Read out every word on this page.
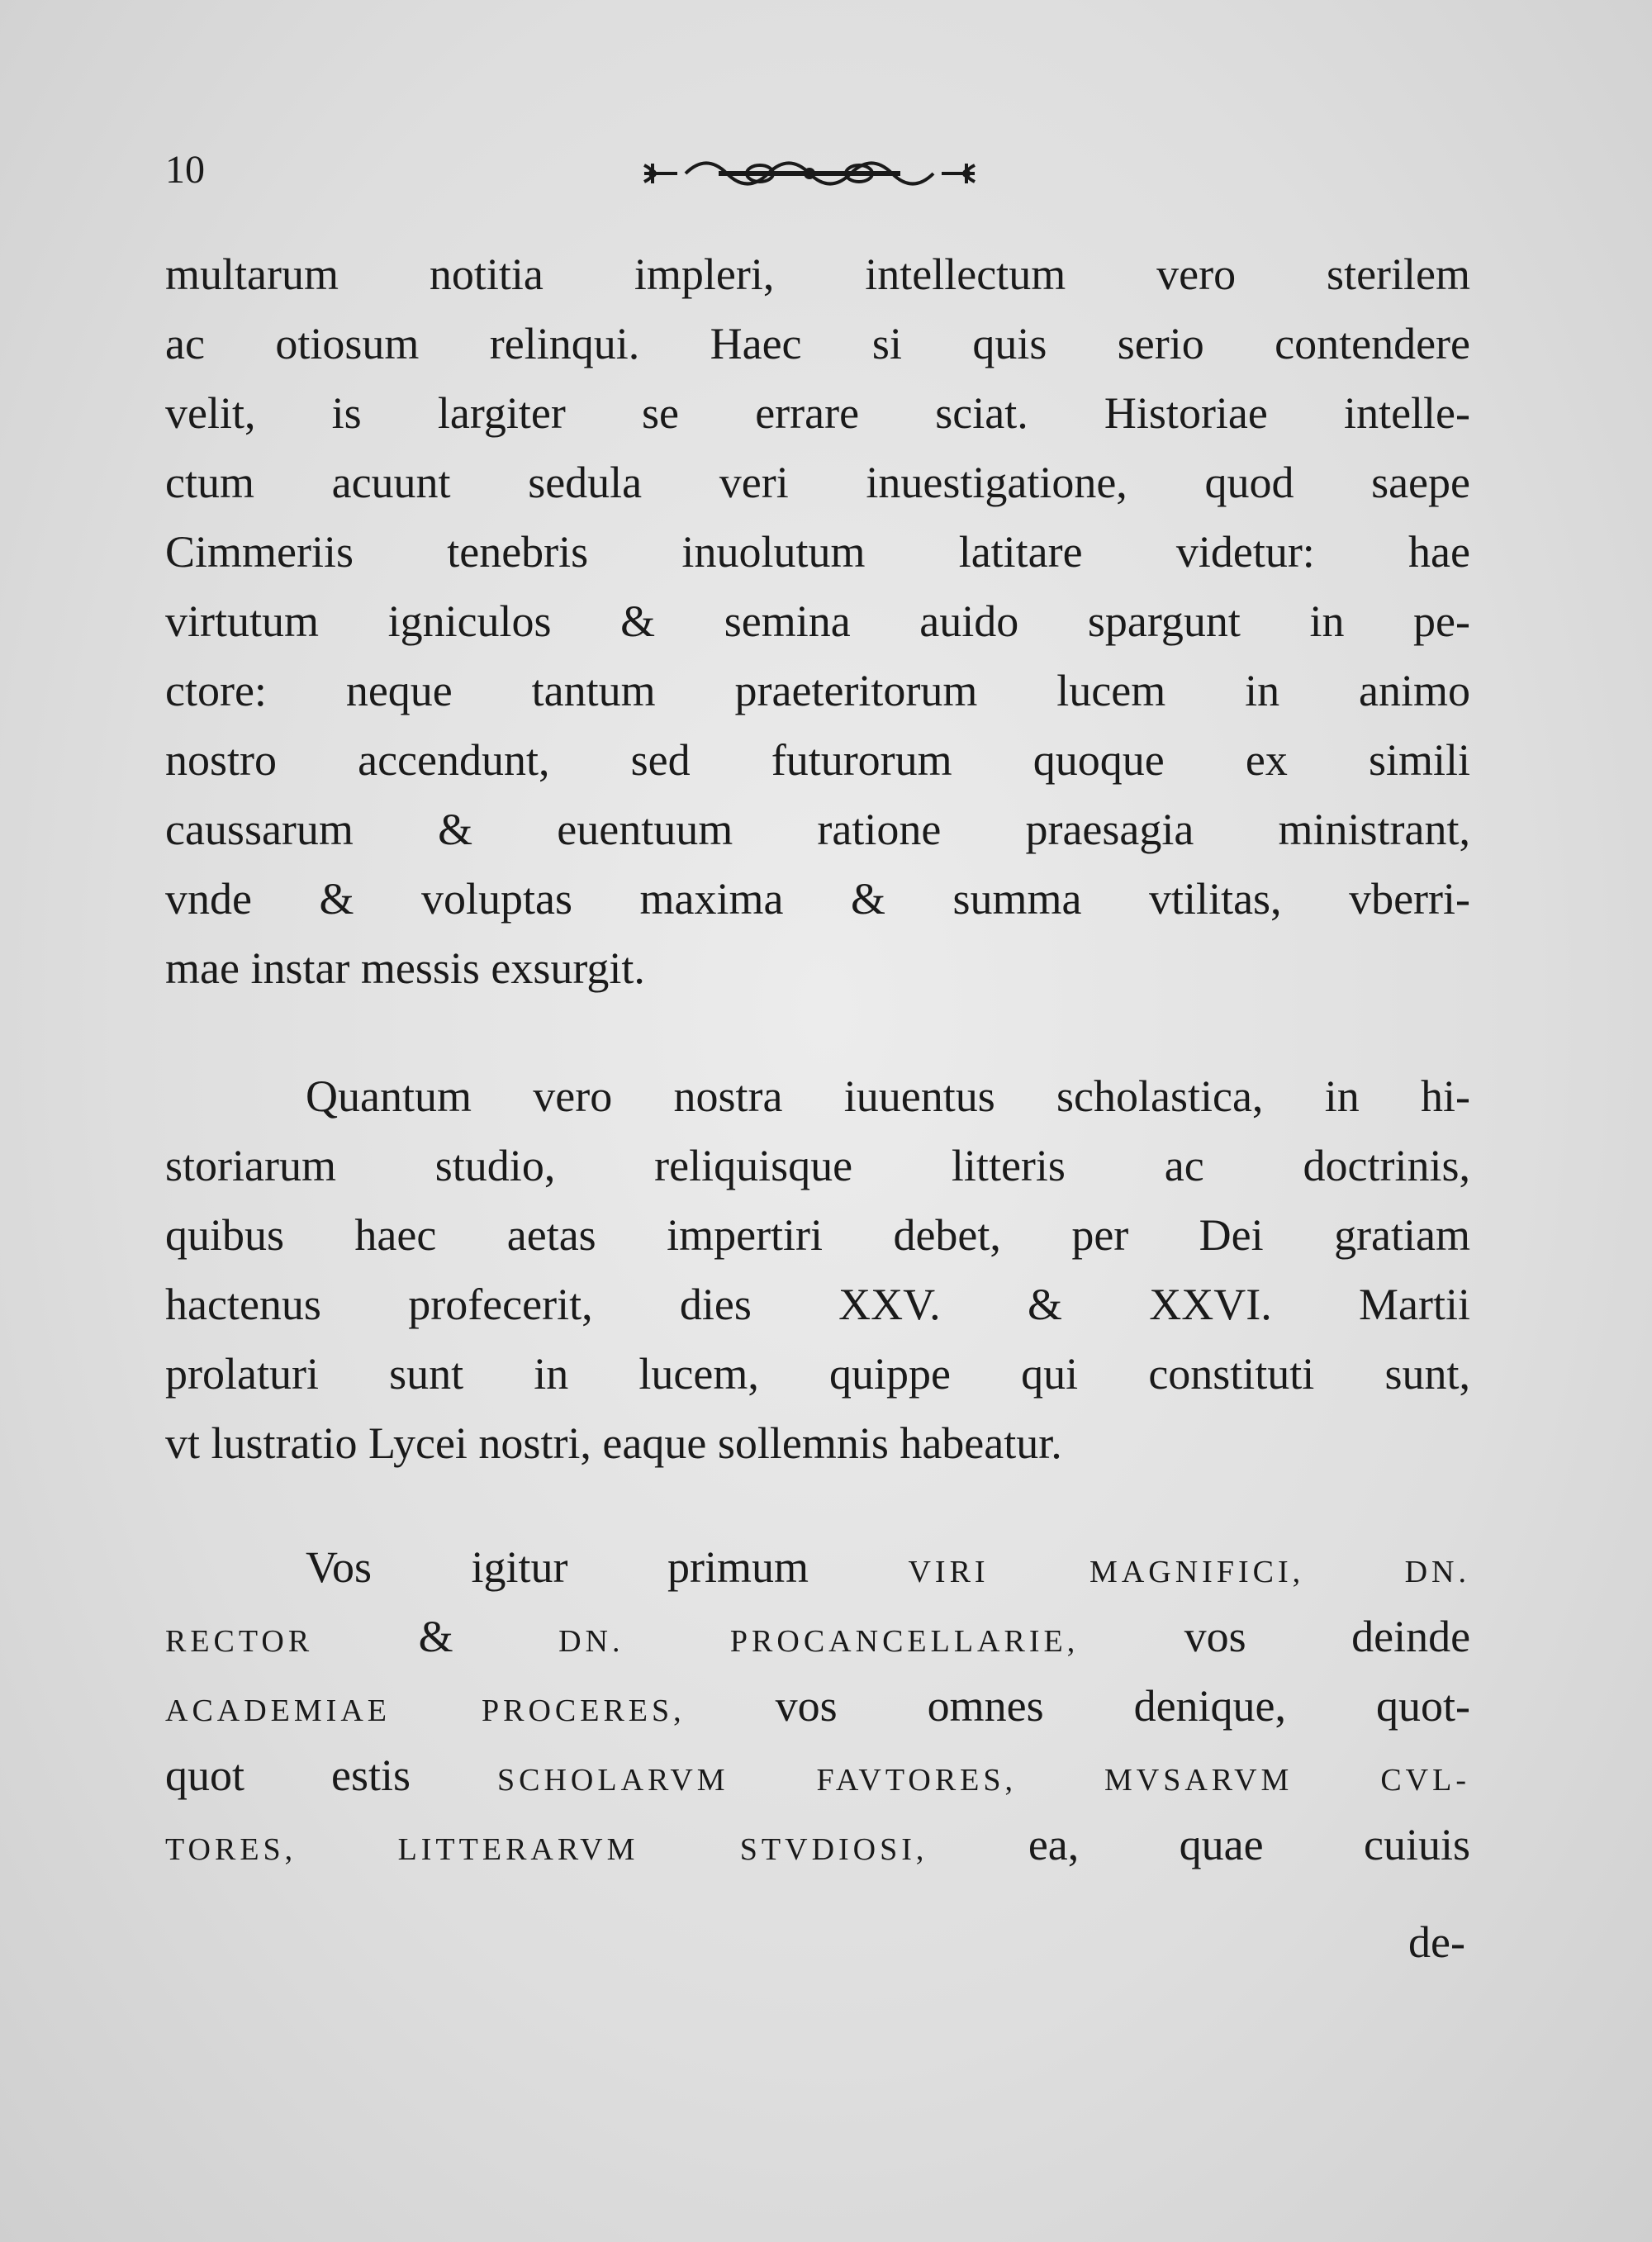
10
multarum notitia impleri, intellectum vero sterilem
ac otiosum relinqui. Haec si quis serio contendere
velit, is largiter se errare sciat. Historiae intelle-
ctum acuunt sedula veri inuestigatione, quod saepe
Cimmeriis tenebris inuolutum latitare videtur: hae
virtutum igniculos & semina auido spargunt in pe-
ctore: neque tantum praeteritorum lucem in animo
nostro accendunt, sed futurorum quoque ex simili
caussarum & euentuum ratione praesagia ministrant,
vnde & voluptas maxima & summa vtilitas, vberri-
mae instar messis exsurgit.
Quantum vero nostra iuuentus scholastica, in hi-
storiarum studio, reliquisque litteris ac doctrinis,
quibus haec aetas impertiri debet, per Dei gratiam
hactenus profecerit, dies XXV. & XXVI. Martii
prolaturi sunt in lucem, quippe qui constituti sunt,
vt lustratio Lycei nostri, eaque sollemnis habeatur.
Vos igitur primum	VIRI MAGNIFICI, DN.
RECTOR &	DN. PROCANCELLARIE, vos deinde
ACADEMIAE PROCERES, vos omnes denique, quot-
quot estis	SCHOLARVM FAVTORES, MVSARVM CVL-
TORES, LITTERARVM STVDIOSI, ea, quae cuiuis
de-
